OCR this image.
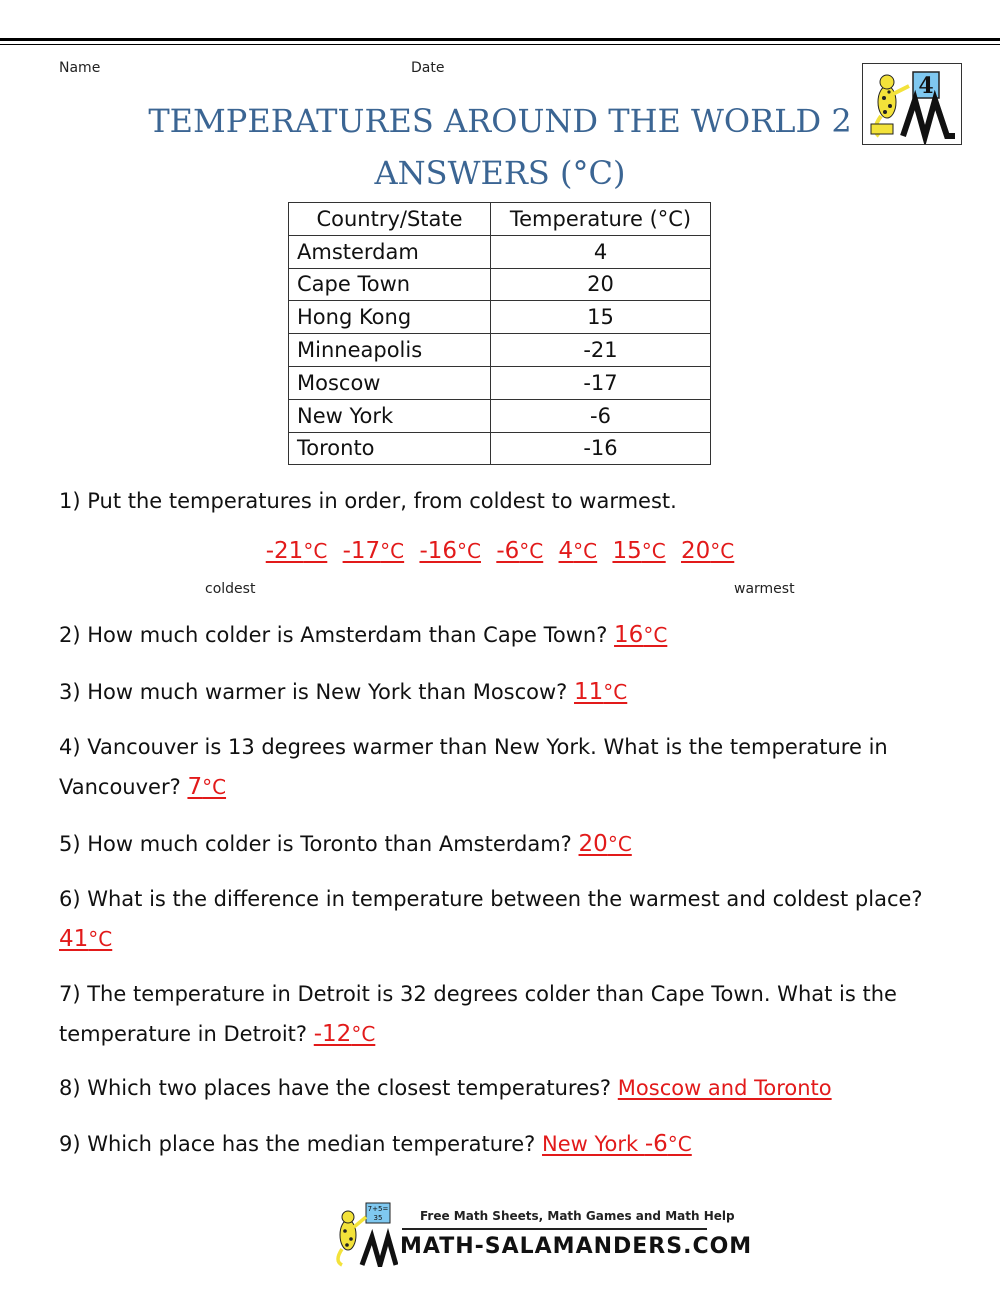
Name	Date
4
TEMPERATURES AROUND THE WORLD 2
ANSWERS (°C)
Country/State	Temperature (°C)
Amsterdam	4
Cape Town	20
Hong Kong	15
Minneapolis	-21
Moscow	-17
New York	-6
Toronto	-16
1) Put the temperatures in order, from coldest to warmest.
-21°C -17°C -16°C -6°C 4°C 15°C 20°C
coldest	warmest
2) How much colder is Amsterdam than Cape Town? 16°C
3) How much warmer is New York than Moscow? 11°C
4) Vancouver is 13 degrees warmer than New York. What is the temperature in
Vancouver? 7°C
5) How much colder is Toronto than Amsterdam? 20°C
6) What is the difference in temperature between the warmest and coldest place?
41°C
7) The temperature in Detroit is 32 degrees colder than Cape Town. What is the
temperature in Detroit? -12°C
8) Which two places have the closest temperatures? Moscow and Toronto
9) Which place has the median temperature? New York -6°C
7+5=
35	Free Math Sheets, Math Games and Math Help
MATH-SALAMANDERS.COM
